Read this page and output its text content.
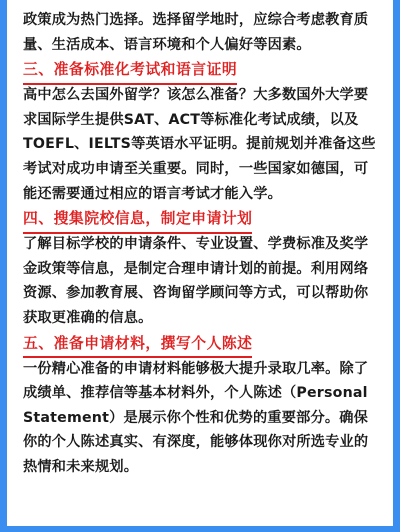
政策成为热门选择。选择留学地时，应综合考虑教育质量、生活成本、语言环境和个人偏好等因素。

三、准备标准化考试和语言证明

高中怎么去国外留学？该怎么准备？大多数国外大学要求国际学生提供SAT、ACT等标准化考试成绩，以及TOEFL、IELTS等英语水平证明。提前规划并准备这些考试对成功申请至关重要。同时，一些国家如德国，可能还需要通过相应的语言考试才能入学。

四、搜集院校信息，制定申请计划

了解目标学校的申请条件、专业设置、学费标准及奖学金政策等信息，是制定合理申请计划的前提。利用网络资源、参加教育展、咨询留学顾问等方式，可以帮助你获取更准确的信息。

五、准备申请材料，撰写个人陈述

一份精心准备的申请材料能够极大提升录取几率。除了成绩单、推荐信等基本材料外，个人陈述（Personal Statement）是展示你个性和优势的重要部分。确保你的个人陈述真实、有深度，能够体现你对所选专业的热情和未来规划。
